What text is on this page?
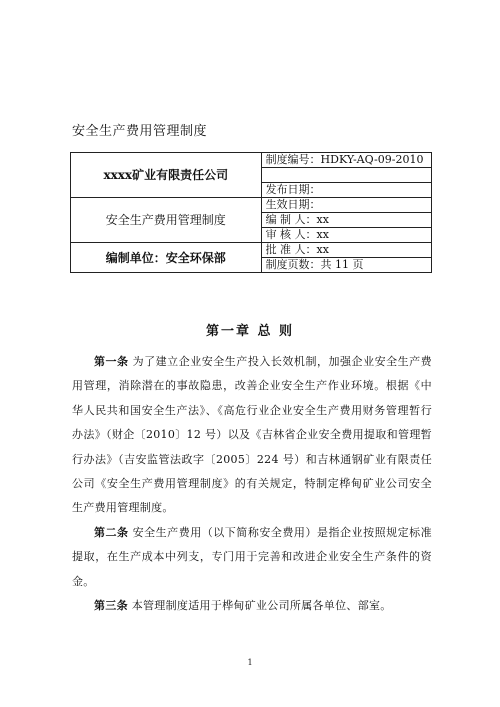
安全生产费用管理制度
xxxx矿业有限责任公司	制度编号：HDKY-AQ-09-2010

	发布日期：
安全生产费用管理制度	生效日期：
	编 制 人：xx
	审 核 人：xx
编制单位：安全环保部	批 准 人：xx
	制度页数：共 11 页
第一章 总 则

第一条 为了建立企业安全生产投入长效机制，加强企业安全生产费用管理，消除潜在的事故隐患，改善企业安全生产作业环境。根据《中华人民共和国安全生产法》、《高危行业企业安全生产费用财务管理暂行办法》（财企〔2010〕12 号）以及《吉林省企业安全费用提取和管理暂行办法》（吉安监管法政字〔2005〕224 号）和吉林通钢矿业有限责任公司《安全生产费用管理制度》的有关规定，特制定桦甸矿业公司安全生产费用管理制度。

第二条 安全生产费用（以下简称安全费用）是指企业按照规定标准提取，在生产成本中列支，专门用于完善和改进企业安全生产条件的资金。

第三条 本管理制度适用于桦甸矿业公司所属各单位、部室。

1
